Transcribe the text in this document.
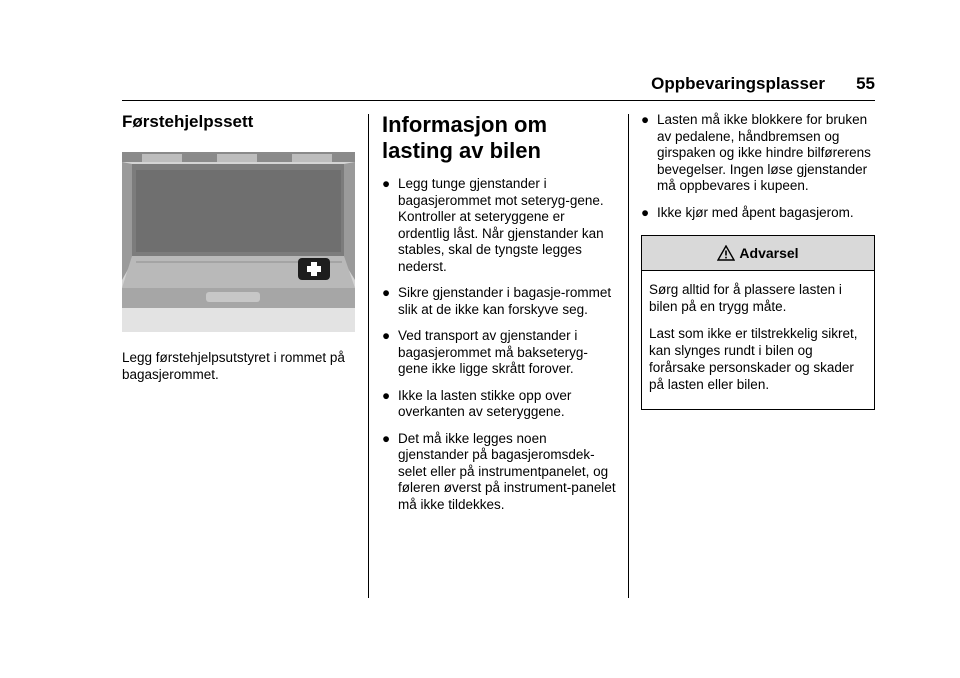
Oppbevaringsplasser 55
Førstehjelpssett

Legg førstehjelpsutstyret i rommet på bagasjerommet.

Informasjon om
lasting av bilen
● Legg tunge gjenstander i bagasjerommet mot seteryg-gene. Kontroller at seteryggene er ordentlig låst. Når gjenstander kan stables, skal de tyngste legges nederst.
● Sikre gjenstander i bagasje-rommet slik at de ikke kan forskyve seg.
● Ved transport av gjenstander i bagasjerommet må bakseteryg-gene ikke ligge skrått forover.
● Ikke la lasten stikke opp over overkanten av seteryggene.
● Det må ikke legges noen gjenstander på bagasjeromsdek-selet eller på instrumentpanelet, og føleren øverst på instrument-panelet må ikke tildekkes.
● Lasten må ikke blokkere for bruken av pedalene, håndbremsen og girspaken og ikke hindre bilførerens bevegelser. Ingen løse gjenstander må oppbevares i kupeen.
● Ikke kjør med åpent bagasjerom.
Advarsel

Sørg alltid for å plassere lasten i bilen på en trygg måte.

Last som ikke er tilstrekkelig sikret, kan slynges rundt i bilen og forårsake personskader og skader på lasten eller bilen.
